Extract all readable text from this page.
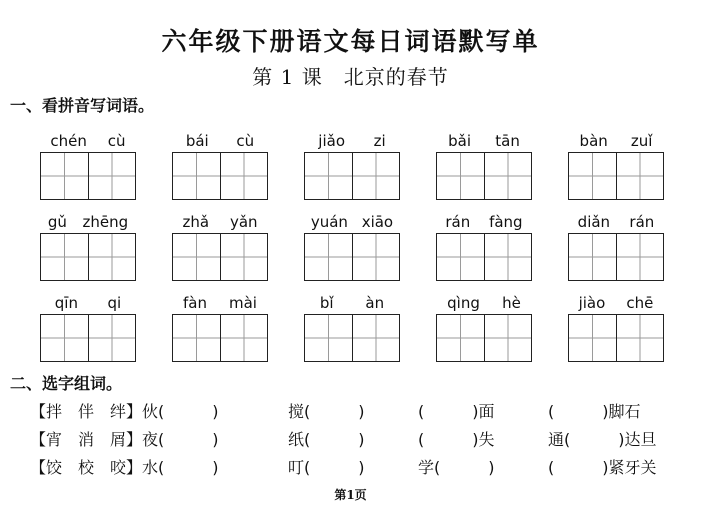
六年级下册语文每日词语默写单
第 1 课　北京的春节
一、看拼音写词语。
chén cù	bái cù	jiǎo zi	bǎi tān	bàn zuǐ
gǔ zhēng	zhǎ yǎn	yuán xiāo	rán fàng	diǎn rán
qīn qi	fàn mài	bǐ àn	qìng hè	jiào chē
二、选字组词。
【拌　伴　绊】伙(　　　)	搅(　　　)	(　　　)面	(　　　)脚石
【宵　消　屑】夜(　　　)	纸(　　　)	(　　　)失	通(　　　)达旦
【饺　校　咬】水(　　　)	叮(　　　)	学(　　　)	(　　　)紧牙关
第1页
